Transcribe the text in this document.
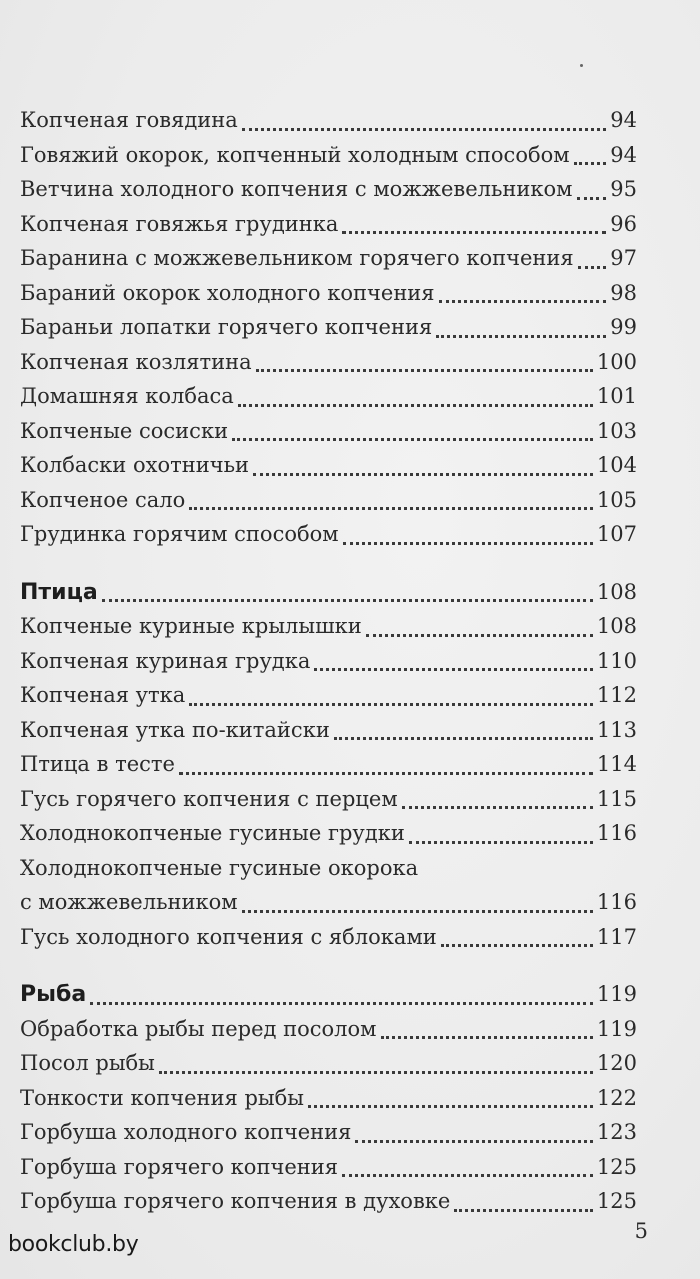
Копченая говядина	94
Говяжий окорок, копченный холодным способом 94
Ветчина холодного копчения с можжевельником 95
Копченая говяжья грудинка	96
Баранина с можжевельником горячего копчения 97
Бараний окорок холодного копчения	98
Бараньи лопатки горячего копчения	99
Копченая козлятина	100
Домашняя колбаса	101
Копченые сосиски	103
Колбаски охотничьи	104
Копченое сало	105
Грудинка горячим способом	107
Птица	108
Копченые куриные крылышки	108
Копченая куриная грудка	110
Копченая утка	112
Копченая утка по-китайски	113
Птица в тесте	114
Гусь горячего копчения с перцем	115
Холоднокопченые гусиные грудки	116
Холоднокопченые гусиные окорока
с можжевельником	116
Гусь холодного копчения с яблоками	117
Рыба	119
Обработка рыбы перед посолом	119
Посол рыбы	120
Тонкости копчения рыбы	122
Горбуша холодного копчения	123
Горбуша горячего копчения	125
Горбуша горячего копчения в духовке	125
bookclub.by
5
